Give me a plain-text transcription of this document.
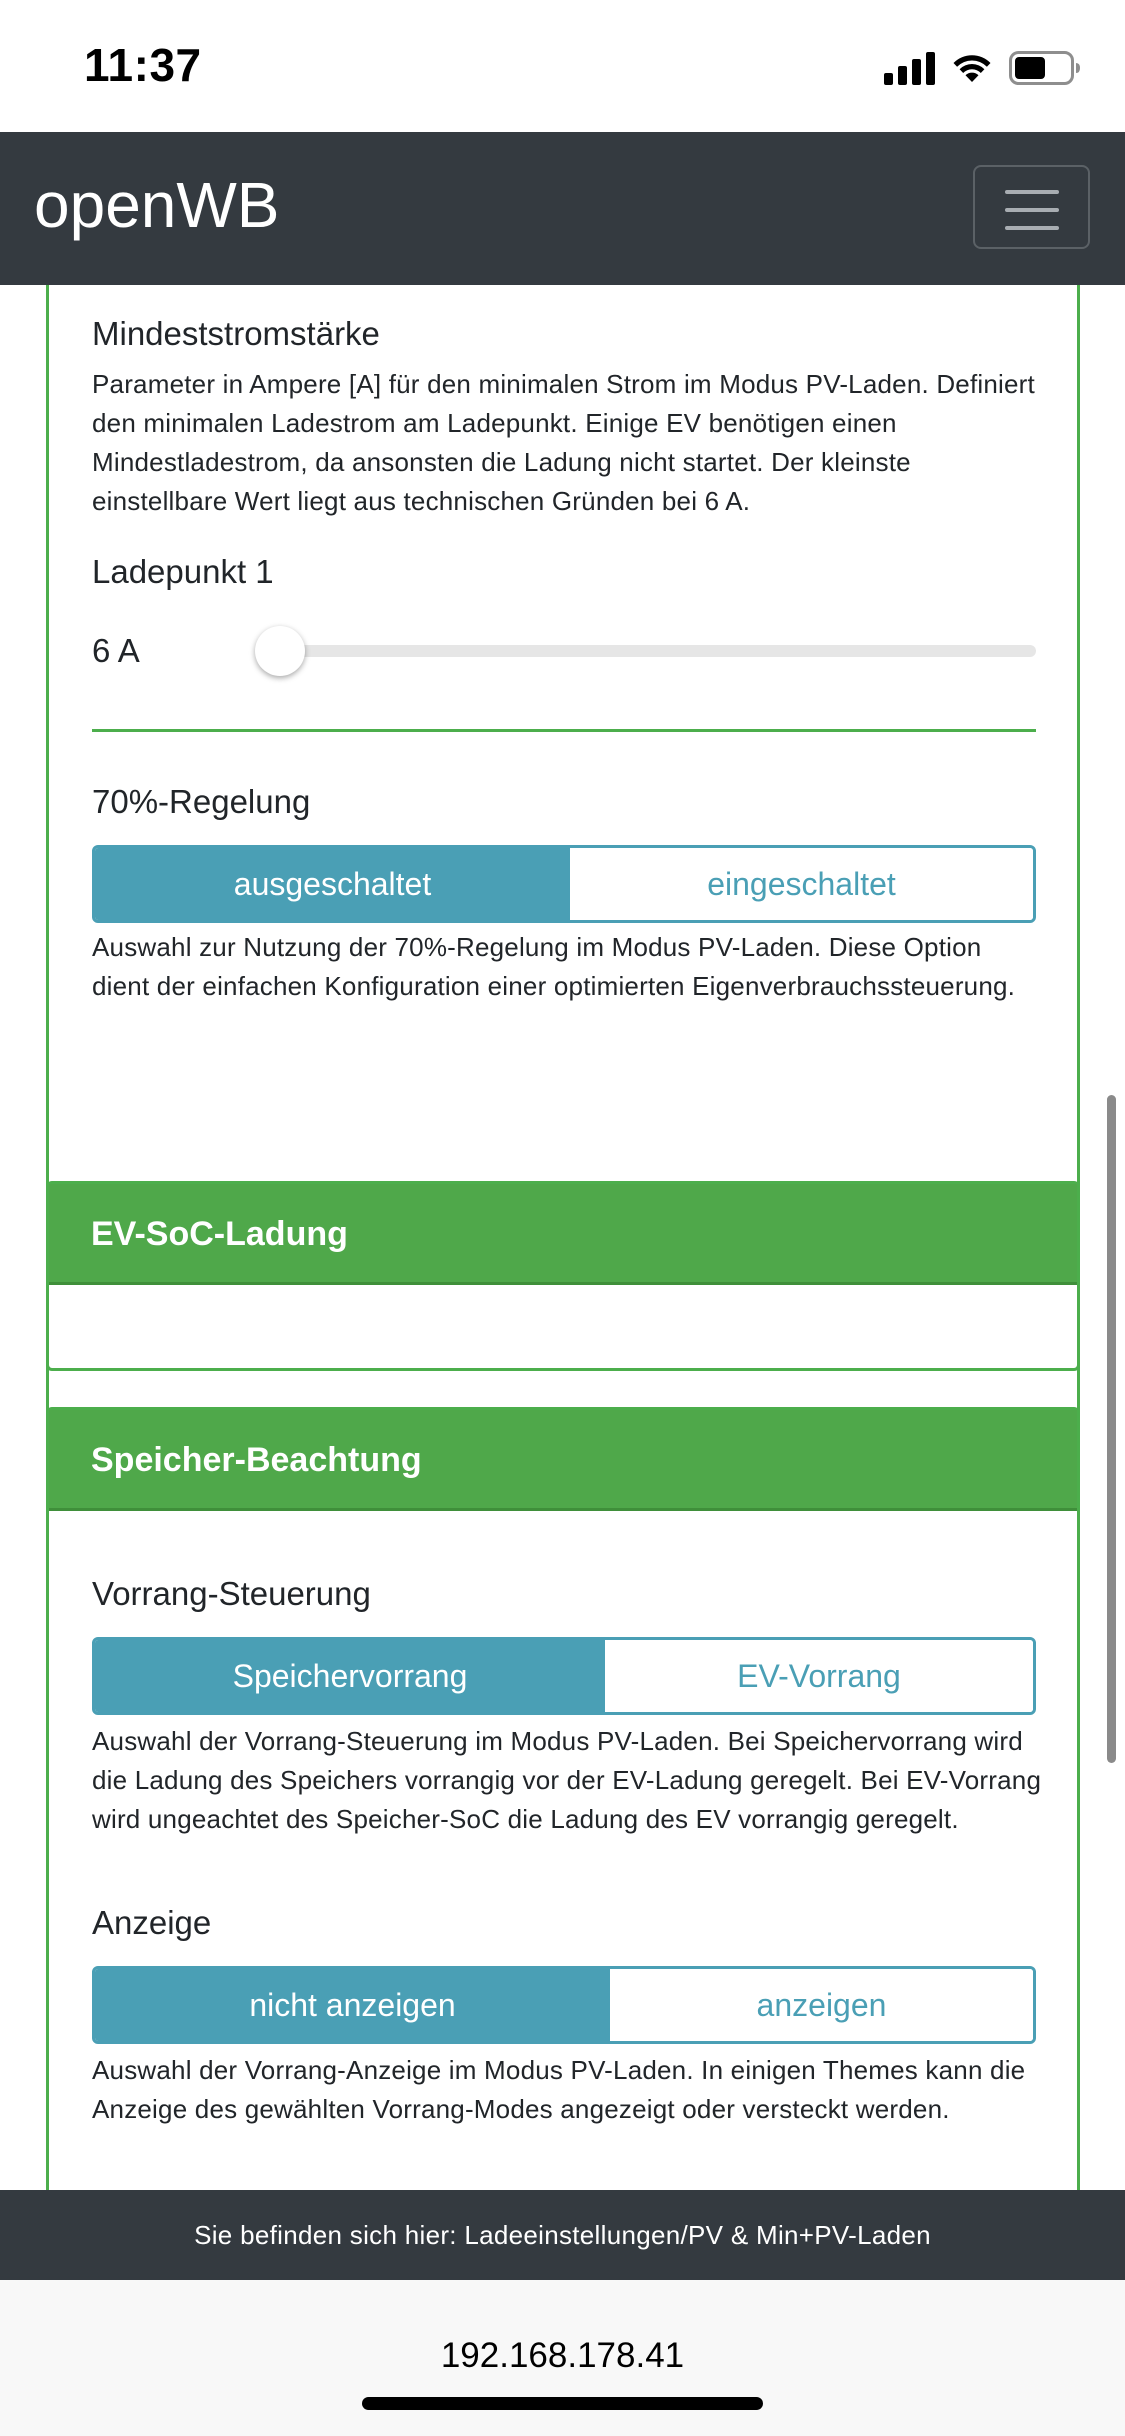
11:37
openWB
Mindeststromstärke
Parameter in Ampere [A] für den minimalen Strom im Modus PV-Laden. Definiert den minimalen Ladestrom am Ladepunkt. Einige EV benötigen einen Mindestladestrom, da ansonsten die Ladung nicht startet. Der kleinste einstellbare Wert liegt aus technischen Gründen bei 6 A.
Ladepunkt 1
6 A
70%-Regelung
ausgeschaltet	eingeschaltet
Auswahl zur Nutzung der 70%-Regelung im Modus PV-Laden. Diese Option dient der einfachen Konfiguration einer optimierten Eigenverbrauchssteuerung.
EV-SoC-Ladung
Speicher-Beachtung
Vorrang-Steuerung
Speichervorrang	EV-Vorrang
Auswahl der Vorrang-Steuerung im Modus PV-Laden. Bei Speichervorrang wird die Ladung des Speichers vorrangig vor der EV-Ladung geregelt. Bei EV-Vorrang wird ungeachtet des Speicher-SoC die Ladung des EV vorrangig geregelt.
Anzeige
nicht anzeigen	anzeigen
Auswahl der Vorrang-Anzeige im Modus PV-Laden. In einigen Themes kann die Anzeige des gewählten Vorrang-Modes angezeigt oder versteckt werden.
Sie befinden sich hier: Ladeeinstellungen/PV & Min+PV-Laden
192.168.178.41
